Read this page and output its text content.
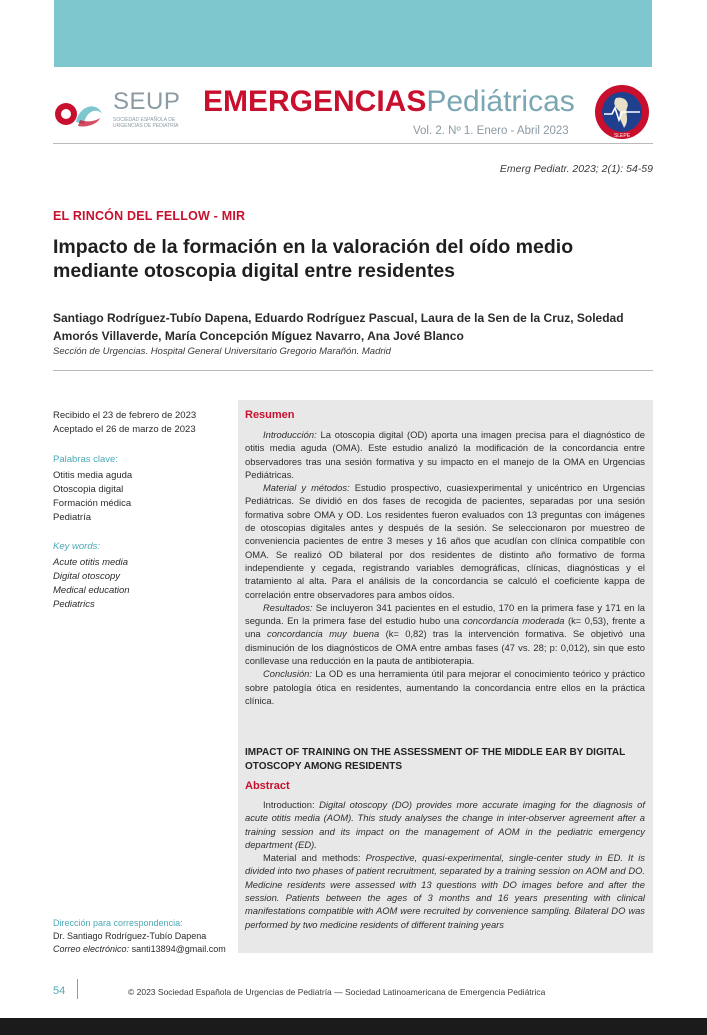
SEUP
SOCIEDAD ESPAÑOLA DE
URGENCIAS DE PEDIATRÍA
EMERGENCIASPediátricas
Vol. 2. Nº 1. Enero - Abril 2023	SLEPE
Emerg Pediatr. 2023; 2(1): 54-59
EL RINCÓN DEL FELLOW - MIR
Impacto de la formación en la valoración del oído medio mediante otoscopia digital entre residentes
Santiago Rodríguez-Tubío Dapena, Eduardo Rodríguez Pascual, Laura de la Sen de la Cruz, Soledad Amorós Villaverde, María Concepción Míguez Navarro, Ana Jové Blanco
Sección de Urgencias. Hospital General Universitario Gregorio Marañón. Madrid
Recibido el 23 de febrero de 2023
Aceptado el 26 de marzo de 2023
Palabras clave:
Otitis media aguda
Otoscopia digital
Formación médica
Pediatría
Key words:
Acute otitis media
Digital otoscopy
Medical education
Pediatrics
Dirección para correspondencia:
Dr. Santiago Rodríguez-Tubío Dapena
Correo electrónico: santi13894@gmail.com
Resumen

Introducción: La otoscopia digital (OD) aporta una imagen precisa para el diagnóstico de otitis media aguda (OMA). Este estudio analizó la modificación de la concordancia entre observadores tras una sesión formativa y su impacto en el manejo de la OMA en Urgencias Pediátricas.

Material y métodos: Estudio prospectivo, cuasiexperimental y unicéntrico en Urgencias Pediátricas. Se dividió en dos fases de recogida de pacientes, separadas por una sesión formativa sobre OMA y OD. Los residentes fueron evaluados con 13 preguntas con imágenes de otoscopias digitales antes y después de la sesión. Se seleccionaron por muestreo de conveniencia pacientes de entre 3 meses y 16 años que acudían con clínica compatible con OMA. Se realizó OD bilateral por dos residentes de distinto año formativo de forma independiente y cegada, registrando variables demográficas, clínicas, diagnósticas y el tratamiento al alta. Para el análisis de la concordancia se calculó el coeficiente kappa de correlación entre observadores para ambos oídos.

Resultados: Se incluyeron 341 pacientes en el estudio, 170 en la primera fase y 171 en la segunda. En la primera fase del estudio hubo una concordancia moderada (k= 0,53), frente a una concordancia muy buena (k= 0,82) tras la intervención formativa. Se objetivó una disminución de los diagnósticos de OMA entre ambas fases (47 vs. 28; p: 0,012), sin que esto conllevase una reducción en la pauta de antibioterapia.

Conclusión: La OD es una herramienta útil para mejorar el conocimiento teórico y práctico sobre patología ótica en residentes, aumentando la concordancia entre ellos en la práctica clínica.

IMPACT OF TRAINING ON THE ASSESSMENT OF THE MIDDLE EAR BY DIGITAL OTOSCOPY AMONG RESIDENTS
Abstract

Introduction: Digital otoscopy (DO) provides more accurate imaging for the diagnosis of acute otitis media (AOM). This study analyses the change in inter-observer agreement after a training session and its impact on the management of AOM in the pediatric emergency department (ED).

Material and methods: Prospective, quasi-experimental, single-center study in ED. It is divided into two phases of patient recruitment, separated by a training session on AOM and DO. Medicine residents were assessed with 13 questions with DO images before and after the session. Patients between the ages of 3 months and 16 years presenting with clinical manifestations compatible with AOM were recruited by convenience sampling. Bilateral DO was performed by two medicine residents of different training years

54	© 2023 Sociedad Española de Urgencias de Pediatría — Sociedad Latinoamericana de Emergencia Pediátrica
